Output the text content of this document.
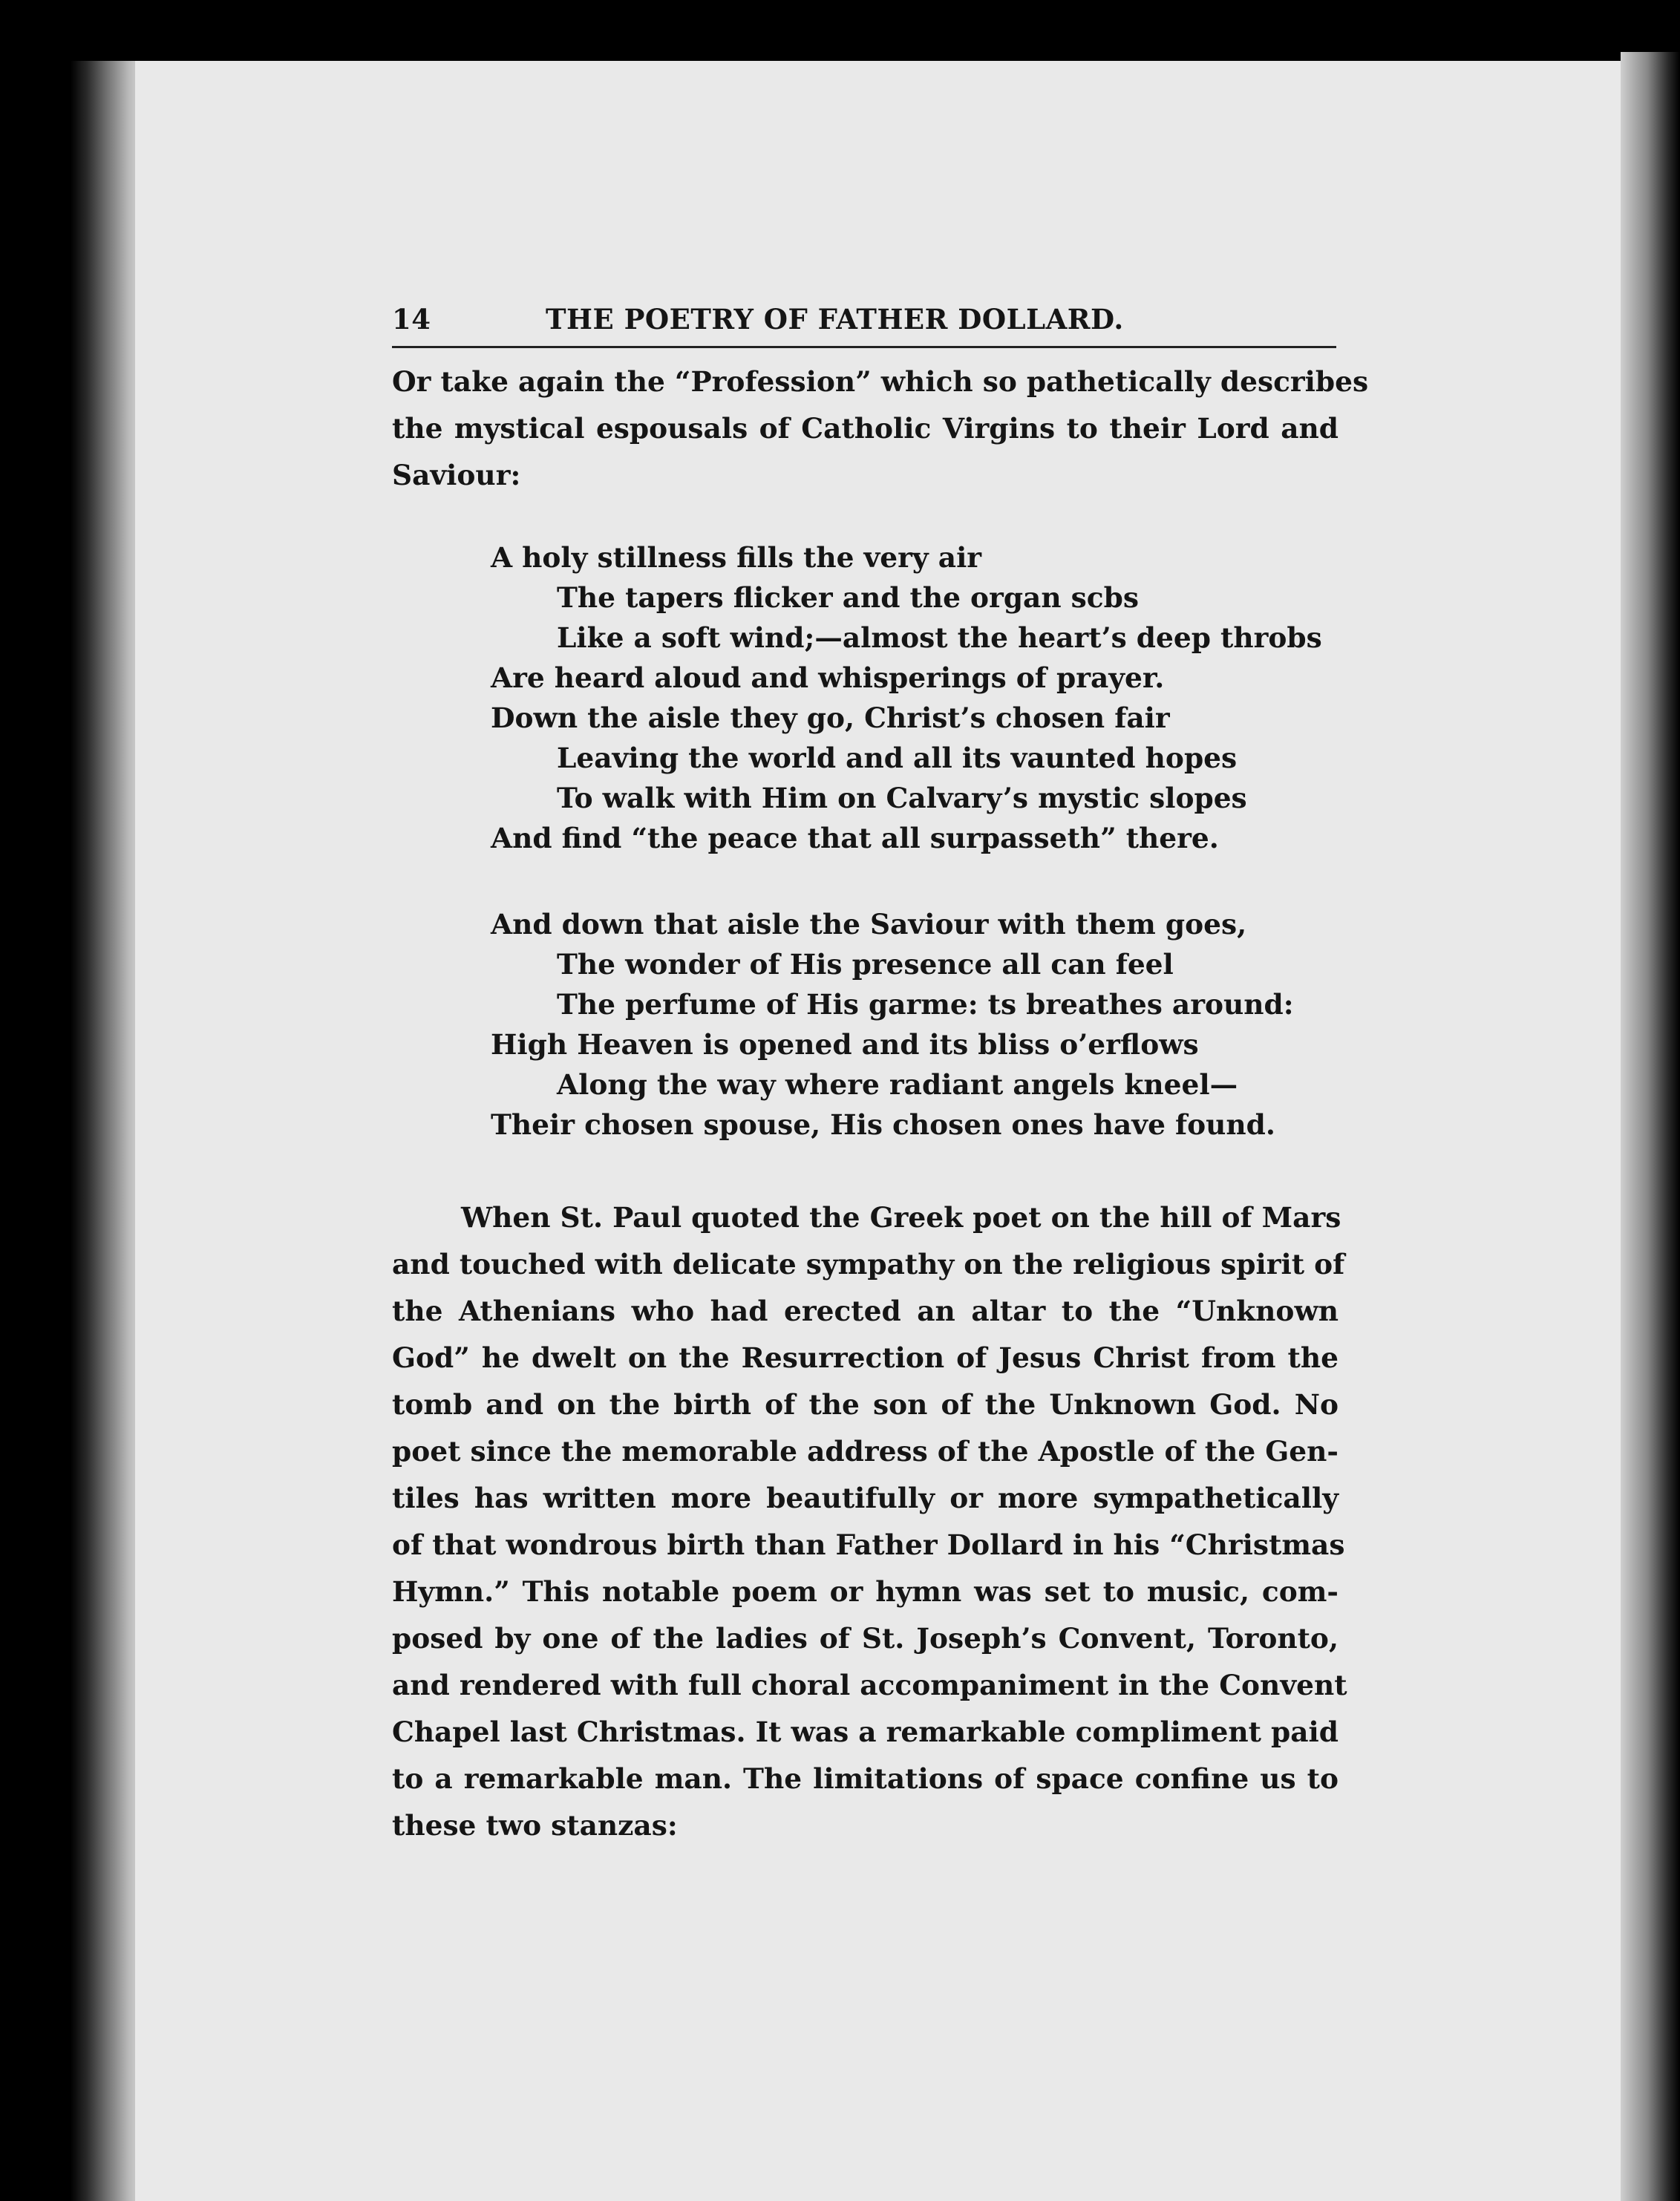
14	THE POETRY OF FATHER DOLLARD.
Or take again the “Profession” which so pathetically describes
the mystical espousals of Catholic Virgins to their Lord and
Saviour:
A holy stillness fills the very air
The tapers flicker and the organ scbs
Like a soft wind;—almost the heart’s deep throbs
Are heard aloud and whisperings of prayer.
Down the aisle they go, Christ’s chosen fair
Leaving the world and all its vaunted hopes
To walk with Him on Calvary’s mystic slopes
And find “the peace that all surpasseth” there.
And down that aisle the Saviour with them goes,
The wonder of His presence all can feel
The perfume of His garme: ts breathes around:
High Heaven is opened and its bliss o’erflows
Along the way where radiant angels kneel—
Their chosen spouse, His chosen ones have found.
When St. Paul quoted the Greek poet on the hill of Mars
and touched with delicate sympathy on the religious spirit of
the Athenians who had erected an altar to the “Unknown
God” he dwelt on the Resurrection of Jesus Christ from the
tomb and on the birth of the son of the Unknown God. No
poet since the memorable address of the Apostle of the Gen-
tiles has written more beautifully or more sympathetically
of that wondrous birth than Father Dollard in his “Christmas
Hymn.” This notable poem or hymn was set to music, com-
posed by one of the ladies of St. Joseph’s Convent, Toronto,
and rendered with full choral accompaniment in the Convent
Chapel last Christmas. It was a remarkable compliment paid
to a remarkable man. The limitations of space confine us to
these two stanzas:
